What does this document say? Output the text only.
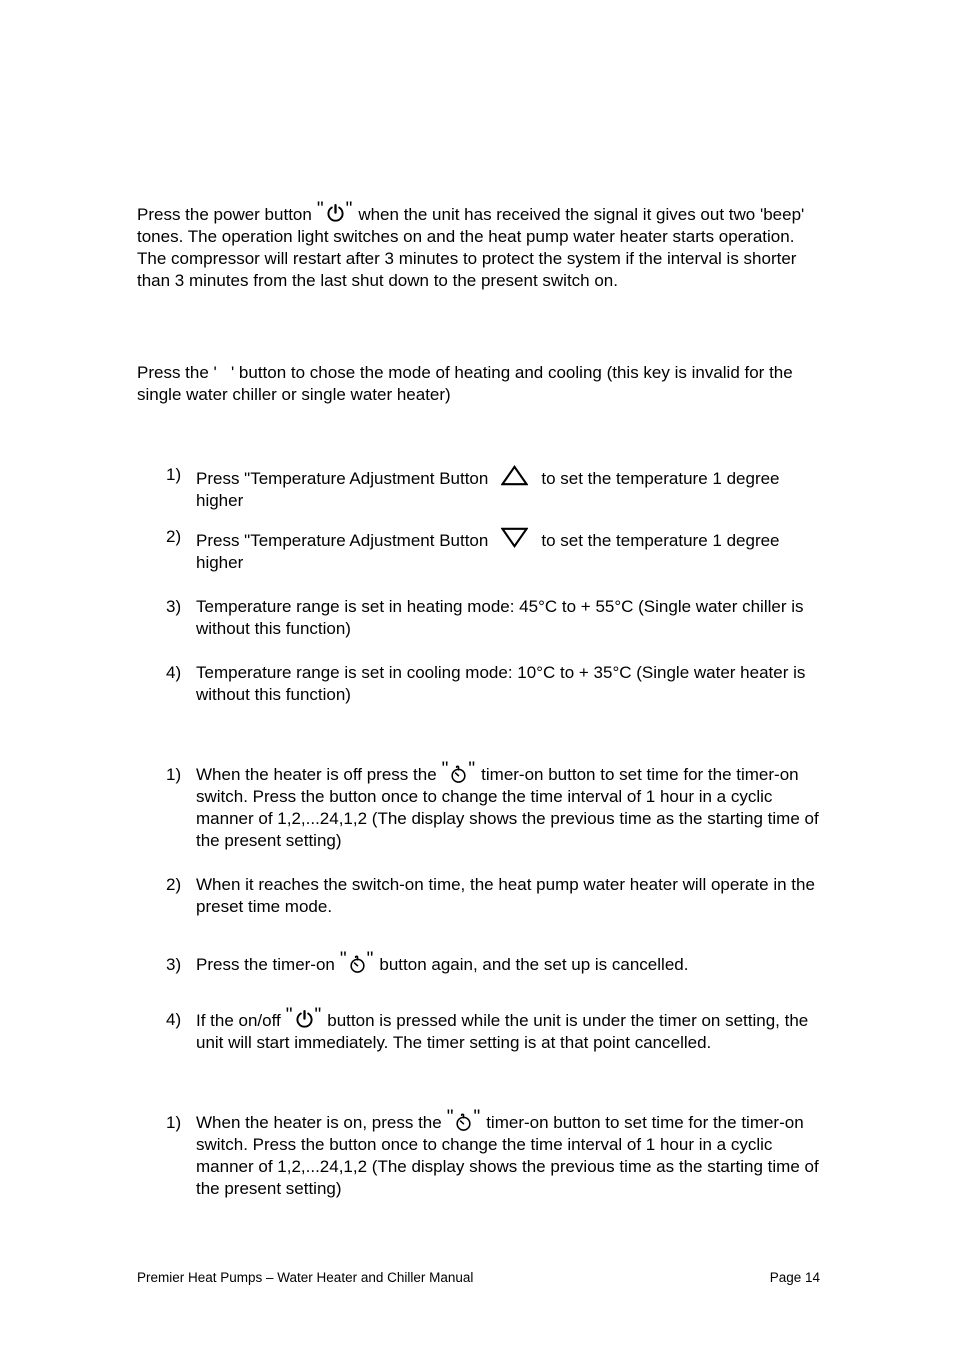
Press the power button " " when the unit has received the signal it gives out two 'beep' tones. The operation light switches on and the heat pump water heater starts operation. The compressor will restart after 3 minutes to protect the system if the interval is shorter than 3 minutes from the last shut down to the present switch on.

Press the '   ' button to chose the mode of heating and cooling (this key is invalid for the single water chiller or single water heater)

1) Press "Temperature Adjustment Button	to set the temperature 1 degree higher

2) Press "Temperature Adjustment Button	to set the temperature 1 degree higher

3) Temperature range is set in heating mode: 45°C to + 55°C (Single water chiller is without this function)

4) Temperature range is set in cooling mode: 10°C to + 35°C (Single water heater is without this function)

1) When the heater is off press the " " timer-on button to set time for the timer-on switch. Press the button once to change the time interval of 1 hour in a cyclic manner of 1,2,...24,1,2 (The display shows the previous time as the starting time of the present setting)

2) When it reaches the switch-on time, the heat pump water heater will operate in the preset time mode.

3) Press the timer-on " " button again, and the set up is cancelled.

4) If the on/off " " button is pressed while the unit is under the timer on setting, the unit will start immediately. The timer setting is at that point cancelled.

1) When the heater is on, press the " " timer-on button to set time for the timer-on switch. Press the button once to change the time interval of 1 hour in a cyclic manner of 1,2,...24,1,2 (The display shows the previous time as the starting time of the present setting)

Premier Heat Pumps – Water Heater and Chiller Manual	Page 14
